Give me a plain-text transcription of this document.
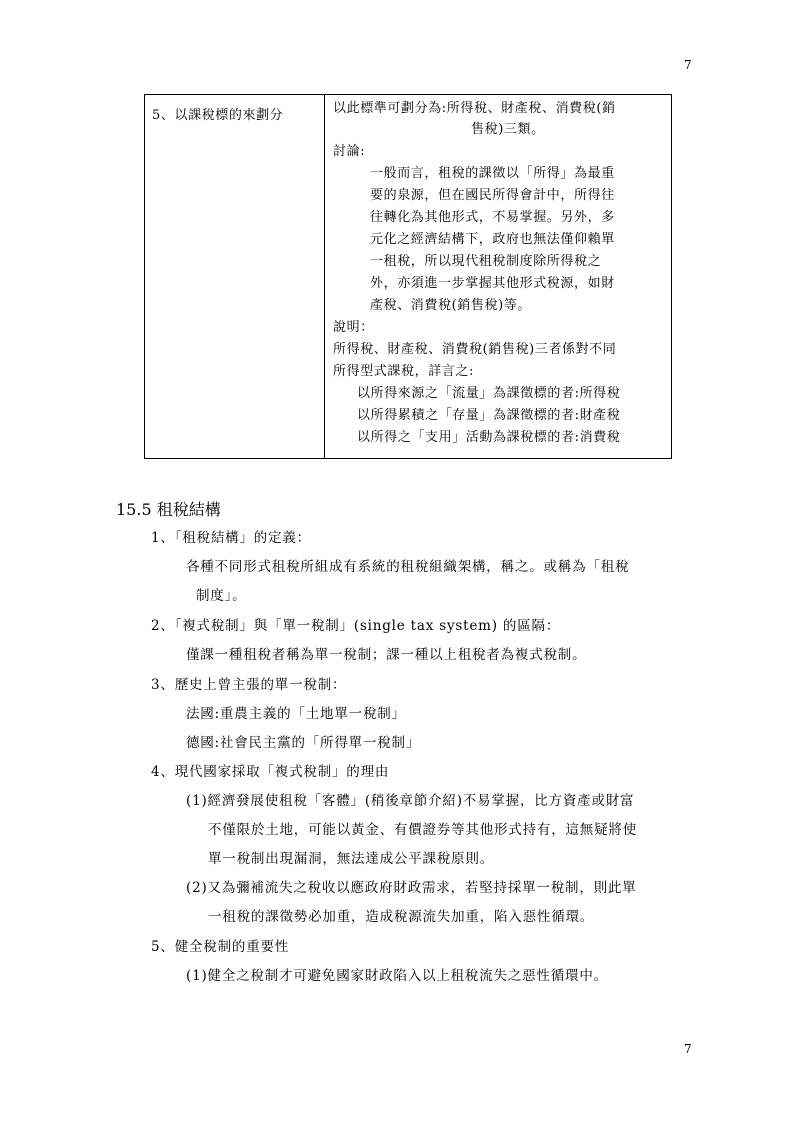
7
5、以課稅標的來劃分	以此標準可劃分為:所得稅、財產稅、消費稅(銷
售稅)三類。
討論:
一般而言，租稅的課徵以「所得」為最重
要的泉源，但在國民所得會計中，所得往
往轉化為其他形式，不易掌握。另外，多
元化之經濟結構下，政府也無法僅仰賴單
一租稅，所以現代租稅制度除所得稅之
外，亦須進一步掌握其他形式稅源，如財
產稅、消費稅(銷售稅)等。
說明：
所得稅、財產稅、消費稅(銷售稅)三者係對不同
所得型式課稅，詳言之:
以所得來源之「流量」為課徵標的者:所得稅
以所得累積之「存量」為課徵標的者:財產稅
以所得之「支用」活動為課稅標的者:消費稅
15.5 租稅結構
1、「租稅結構」的定義：
各種不同形式租稅所組成有系統的租稅組織架構，稱之。或稱為「租稅
制度」。
2、「複式稅制」與「單一稅制」(single tax system) 的區隔：
僅課一種租稅者稱為單一稅制；課一種以上租稅者為複式稅制。
3、歷史上曾主張的單一稅制：
法國:重農主義的「土地單一稅制」
德國:社會民主黨的「所得單一稅制」
4、現代國家採取「複式稅制」的理由
(1)經濟發展使租稅「客體」(稍後章節介紹)不易掌握，比方資產或財富
不僅限於土地，可能以黃金、有價證券等其他形式持有，這無疑將使
單一稅制出現漏洞，無法達成公平課稅原則。
(2)又為彌補流失之稅收以應政府財政需求，若堅持採單一稅制，則此單
一租稅的課徵勢必加重，造成稅源流失加重，陷入惡性循環。
5、健全稅制的重要性
(1)健全之稅制才可避免國家財政陷入以上租稅流失之惡性循環中。
7
